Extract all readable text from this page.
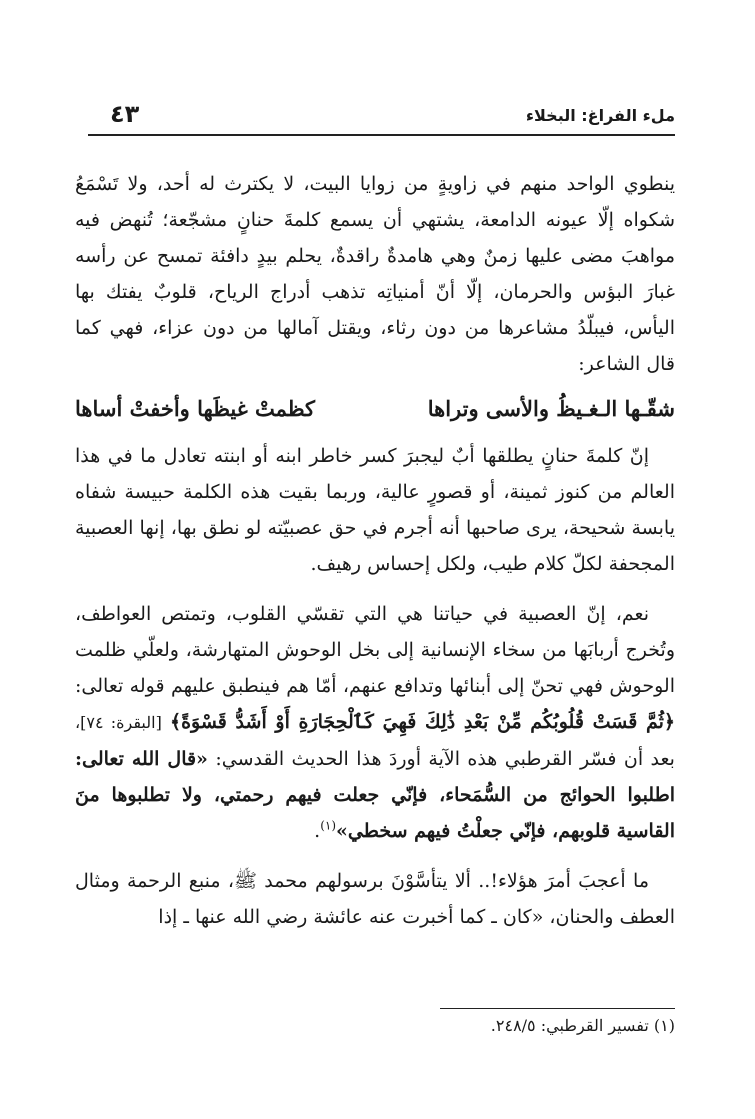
ملء الفراغ: البخلاء
٤٣

ينطوي الواحد منهم في زاويةٍ من زوايا البيت، لا يكترث له أحد، ولا تَسْمَعُ شكواه إلّا عيونه الدامعة، يشتهي أن يسمع كلمةَ حنانٍ مشجّعة؛ تُنهض فيه مواهبَ مضى عليها زمنٌ وهي هامدةٌ راقدةٌ، يحلم بيدٍ دافئة تمسح عن رأسه غبارَ البؤس والحرمان، إلّا أنّ أمنياتِه تذهب أدراج الرياح، قلوبٌ يفتك بها اليأس، فيبلّدُ مشاعرها من دون رثاء، ويقتل آمالها من دون عزاء، فهي كما قال الشاعر:

شقّـها الـغـيظُ والأسى وتراها
كظمتْ غيظَها وأخفتْ أساها

إنّ كلمةَ حنانٍ يطلقها أبٌ ليجبرَ كسر خاطر ابنه أو ابنته تعادل ما في هذا العالم من كنوز ثمينة، أو قصورٍ عالية، وربما بقيت هذه الكلمة حبيسة شفاه يابسة شحيحة، يرى صاحبها أنه أجرم في حق عصبيّته لو نطق بها، إنها العصبية المجحفة لكلّ كلام طيب، ولكل إحساس رهيف.

نعم، إنّ العصبية في حياتنا هي التي تقسّي القلوب، وتمتص العواطف، وتُخرج أربابَها من سخاء الإنسانية إلى بخل الوحوش المتهارشة، ولعلّي ظلمت الوحوش فهي تحنّ إلى أبنائها وتدافع عنهم، أمّا هم فينطبق عليهم قوله تعالى: ﴿ثُمَّ قَسَتْ قُلُوبُكُم مِّنْ بَعْدِ ذَٰلِكَ فَهِيَ كَٱلْحِجَارَةِ أَوْ أَشَدُّ قَسْوَةً﴾ [البقرة: ٧٤]، بعد أن فسّر القرطبي هذه الآية أوردَ هذا الحديث القدسي: «قال الله تعالى: اطلبوا الحوائج من السُّمَحاء، فإنّي جعلت فيهم رحمتي، ولا تطلبوها منَ القاسية قلوبهم، فإنّي جعلْتُ فيهم سخطي»$^{(١)}$.

ما أعجبَ أمرَ هؤلاء!.. ألا يتأسَّوْنَ برسولهم محمد ﷺ، منبع الرحمة ومثال العطف والحنان، «كان ـ كما أخبرت عنه عائشة رضي الله عنها ـ إذا

(١) تفسير القرطبي: ٢٤٨/٥.
